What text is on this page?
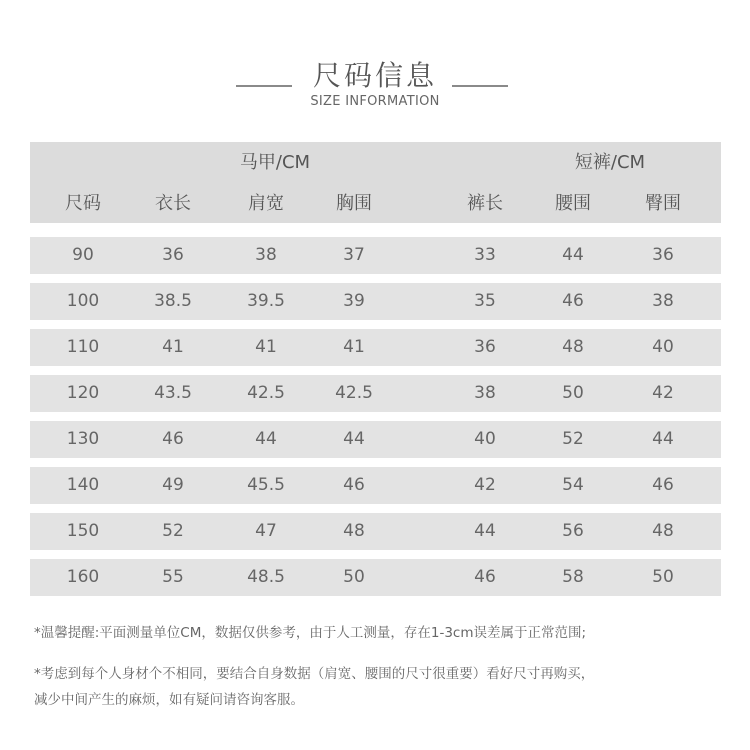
尺码信息
SIZE INFORMATION
马甲/CM	短裤/CM
尺码	衣长	肩宽	胸围	裤长	腰围	臀围
90	36	38	37	33	44	36
100	38.5	39.5	39	35	46	38
110	41	41	41	36	48	40
120	43.5	42.5	42.5	38	50	42
130	46	44	44	40	52	44
140	49	45.5	46	42	54	46
150	52	47	48	44	56	48
160	55	48.5	50	46	58	50
*温馨提醒:平面测量单位CM，数据仅供参考，由于人工测量，存在1-3cm误差属于正常范围;
*考虑到每个人身材个不相同，要结合自身数据（肩宽、腰围的尺寸很重要）看好尺寸再购买，
减少中间产生的麻烦，如有疑问请咨询客服。
